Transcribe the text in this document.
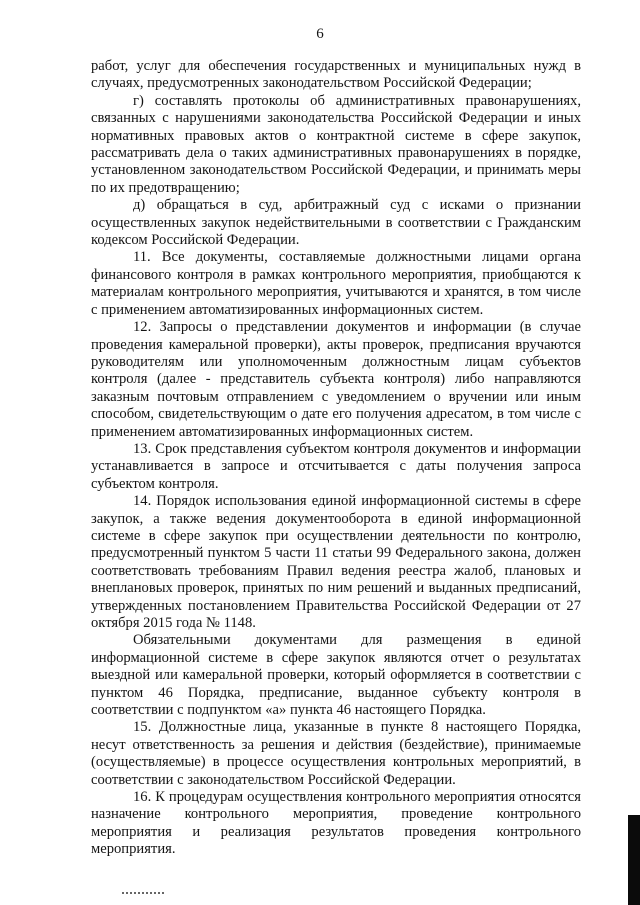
6

работ, услуг для обеспечения государственных и муниципальных нужд в случаях, предусмотренных законодательством Российской Федерации;

г) составлять протоколы об административных правонарушениях, связанных с нарушениями законодательства Российской Федерации и иных нормативных правовых актов о контрактной системе в сфере закупок, рассматривать дела о таких административных правонарушениях в порядке, установленном законодательством Российской Федерации, и принимать меры по их предотвращению;

д) обращаться в суд, арбитражный суд с исками о признании осуществленных закупок недействительными в соответствии с Гражданским кодексом Российской Федерации.

11. Все документы, составляемые должностными лицами органа финансового контроля в рамках контрольного мероприятия, приобщаются к материалам контрольного мероприятия, учитываются и хранятся, в том числе с применением автоматизированных информационных систем.

12. Запросы о представлении документов и информации (в случае проведения камеральной проверки), акты проверок, предписания вручаются руководителям или уполномоченным должностным лицам субъектов контроля (далее - представитель субъекта контроля) либо направляются заказным почтовым отправлением с уведомлением о вручении или иным способом, свидетельствующим о дате его получения адресатом, в том числе с применением автоматизированных информационных систем.

13. Срок представления субъектом контроля документов и информации устанавливается в запросе и отсчитывается с даты получения запроса субъектом контроля.

14. Порядок использования единой информационной системы в сфере закупок, а также ведения документооборота в единой информационной системе в сфере закупок при осуществлении деятельности по контролю, предусмотренный пунктом 5 части 11 статьи 99 Федерального закона, должен соответствовать требованиям Правил ведения реестра жалоб, плановых и внеплановых проверок, принятых по ним решений и выданных предписаний, утвержденных постановлением Правительства Российской Федерации от 27 октября 2015 года № 1148.

Обязательными документами для размещения в единой информационной системе в сфере закупок являются отчет о результатах выездной или камеральной проверки, который оформляется в соответствии с пунктом 46 Порядка, предписание, выданное субъекту контроля в соответствии с подпунктом «а» пункта 46 настоящего Порядка.

15. Должностные лица, указанные в пункте 8 настоящего Порядка, несут ответственность за решения и действия (бездействие), принимаемые (осуществляемые) в процессе осуществления контрольных мероприятий, в соответствии с законодательством Российской Федерации.

16. К процедурам осуществления контрольного мероприятия относятся назначение контрольного мероприятия, проведение контрольного мероприятия и реализация результатов проведения контрольного мероприятия.
